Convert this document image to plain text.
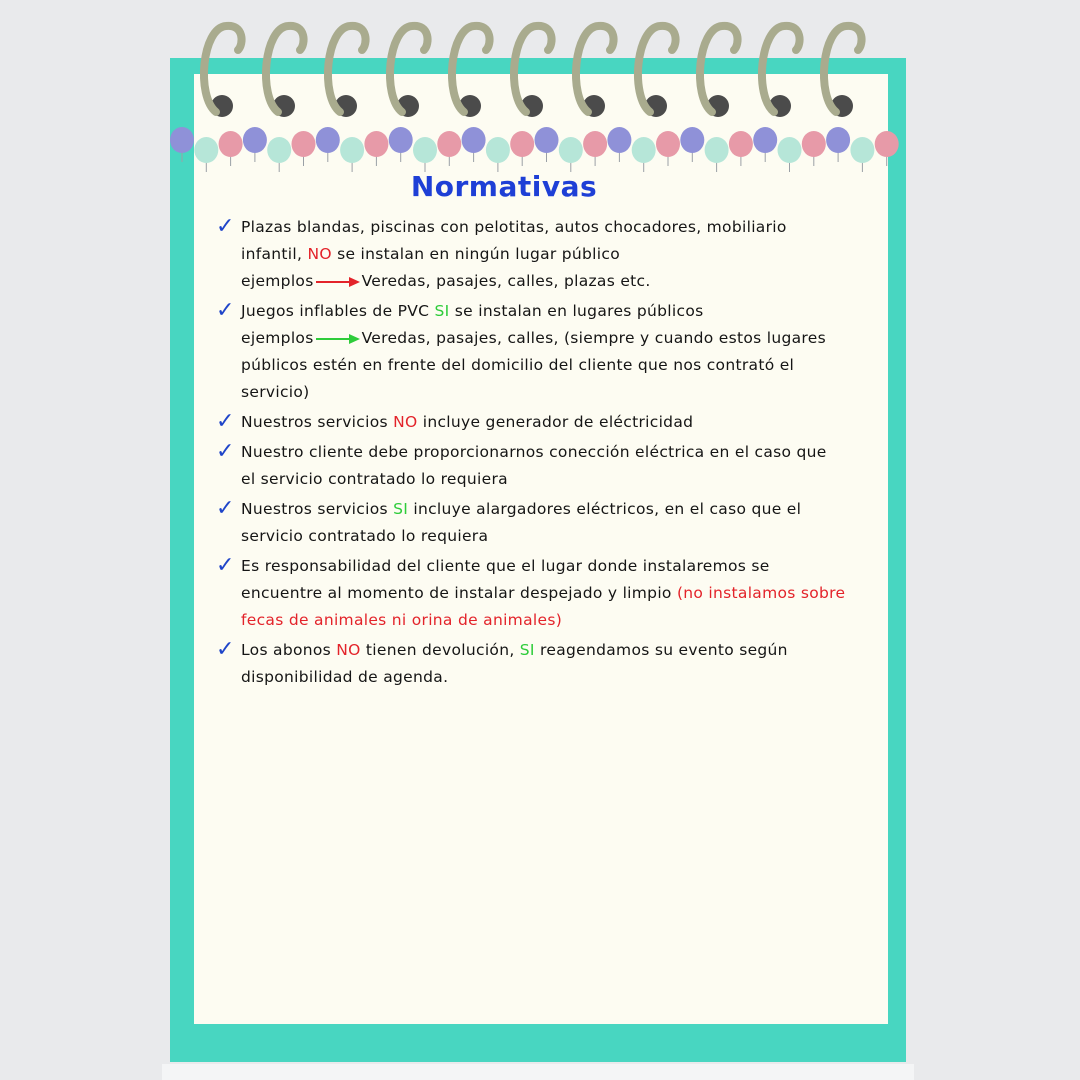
Normativas
✓ Plazas blandas, piscinas con pelotitas, autos chocadores, mobiliario infantil, NO se instalan en ningún lugar público
ejemplos	Veredas, pasajes, calles, plazas etc.
✓ Juegos inflables de PVC SI se instalan en lugares públicos
ejemplos	Veredas, pasajes, calles, (siempre y cuando estos lugares públicos estén en frente del domicilio del cliente que nos contrató el servicio)
✓ Nuestros servicios NO incluye generador de eléctricidad
✓ Nuestro cliente debe proporcionarnos conección eléctrica en el caso que el servicio contratado lo requiera
✓ Nuestros servicios SI incluye alargadores eléctricos, en el caso que el servicio contratado lo requiera
✓ Es responsabilidad del cliente que el lugar donde instalaremos se encuentre al momento de instalar despejado y limpio (no instalamos sobre fecas de animales ni orina de animales)
✓ Los abonos NO tienen devolución, SI reagendamos su evento según disponibilidad de agenda.
